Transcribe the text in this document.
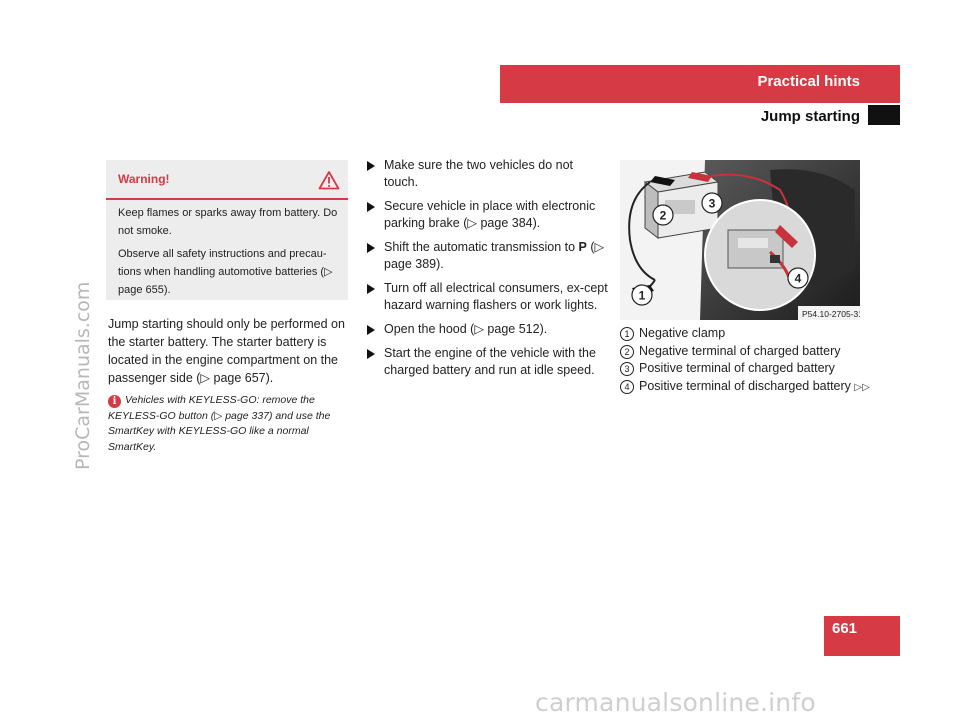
ProCarManuals.com
Practical hints
Jump starting
Warning!

Keep flames or sparks away from battery. Do not smoke.

Observe all safety instructions and precau-tions when handling automotive batteries (▷ page 655).

Jump starting should only be performed on the starter battery. The starter battery is located in the engine compartment on the passenger side (▷ page 657).
i Vehicles with KEYLESS-GO: remove the KEYLESS-GO button (▷ page 337) and use the SmartKey with KEYLESS-GO like a normal SmartKey.
Make sure the two vehicles do not touch.
Secure vehicle in place with electronic parking brake (▷ page 384).
Shift the automatic transmission to P (▷ page 389).
Turn off all electrical consumers, ex-cept hazard warning flashers or work lights.
Open the hood (▷ page 512).
Start the engine of the vehicle with the charged battery and run at idle speed.
1
2
3
4
P54.10-2705-31
1 Negative clamp
2 Negative terminal of charged battery
3 Positive terminal of charged battery
4 Positive terminal of discharged battery ▷▷
661
carmanualsonline.info
